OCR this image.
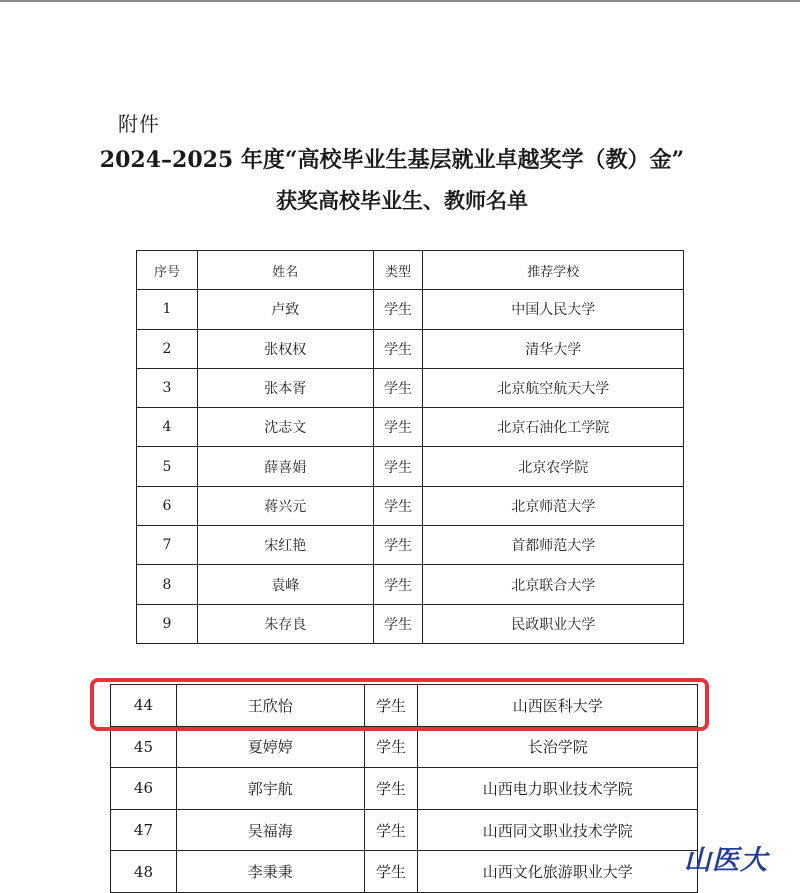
附件
2024–2025 年度“高校毕业生基层就业卓越奖学（教）金”
获奖高校毕业生、教师名单
序号	姓名	类型	推荐学校
1	卢致	学生	中国人民大学
2	张权权	学生	清华大学
3	张本胥	学生	北京航空航天大学
4	沈志文	学生	北京石油化工学院
5	薛喜娟	学生	北京农学院
6	蒋兴元	学生	北京师范大学
7	宋红艳	学生	首都师范大学
8	袁峰	学生	北京联合大学
9	朱存良	学生	民政职业大学
44	王欣怡	学生	山西医科大学
45	夏婷婷	学生	长治学院
46	郭宇航	学生	山西电力职业技术学院
47	吴福海	学生	山西同文职业技术学院
48	李秉秉	学生	山西文化旅游职业大学 山医大
